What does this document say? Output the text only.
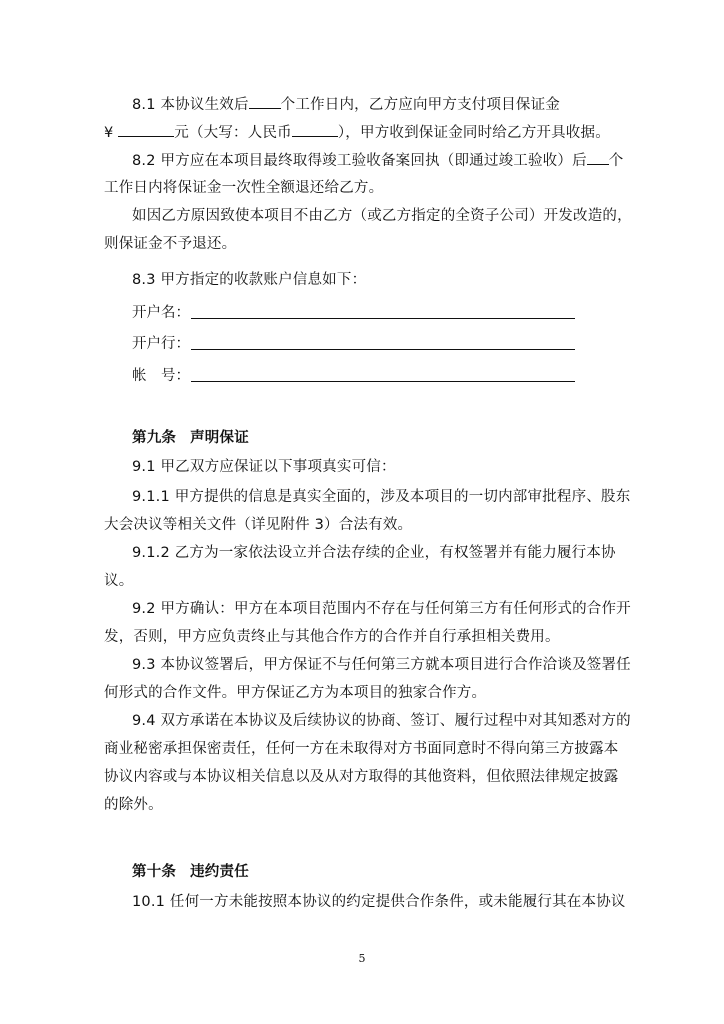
8.1 本协议生效后 个工作日内，乙方应向甲方支付项目保证金
¥	元（大写：人民币	），甲方收到保证金同时给乙方开具收据。
8.2 甲方应在本项目最终取得竣工验收备案回执（即通过竣工验收）后 个
工作日内将保证金一次性全额退还给乙方。
如因乙方原因致使本项目不由乙方（或乙方指定的全资子公司）开发改造的，
则保证金不予退还。
8.3 甲方指定的收款账户信息如下：
开户名：
开户行：
帐　号：
第九条 声明保证
9.1 甲乙双方应保证以下事项真实可信：
9.1.1 甲方提供的信息是真实全面的，涉及本项目的一切内部审批程序、股东
大会决议等相关文件（详见附件 3）合法有效。
9.1.2 乙方为一家依法设立并合法存续的企业，有权签署并有能力履行本协
议。
9.2 甲方确认：甲方在本项目范围内不存在与任何第三方有任何形式的合作开
发，否则，甲方应负责终止与其他合作方的合作并自行承担相关费用。
9.3 本协议签署后，甲方保证不与任何第三方就本项目进行合作洽谈及签署任
何形式的合作文件。甲方保证乙方为本项目的独家合作方。
9.4 双方承诺在本协议及后续协议的协商、签订、履行过程中对其知悉对方的
商业秘密承担保密责任，任何一方在未取得对方书面同意时不得向第三方披露本
协议内容或与本协议相关信息以及从对方取得的其他资料，但依照法律规定披露
的除外。
第十条 违约责任
10.1 任何一方未能按照本协议的约定提供合作条件，或未能履行其在本协议
5
